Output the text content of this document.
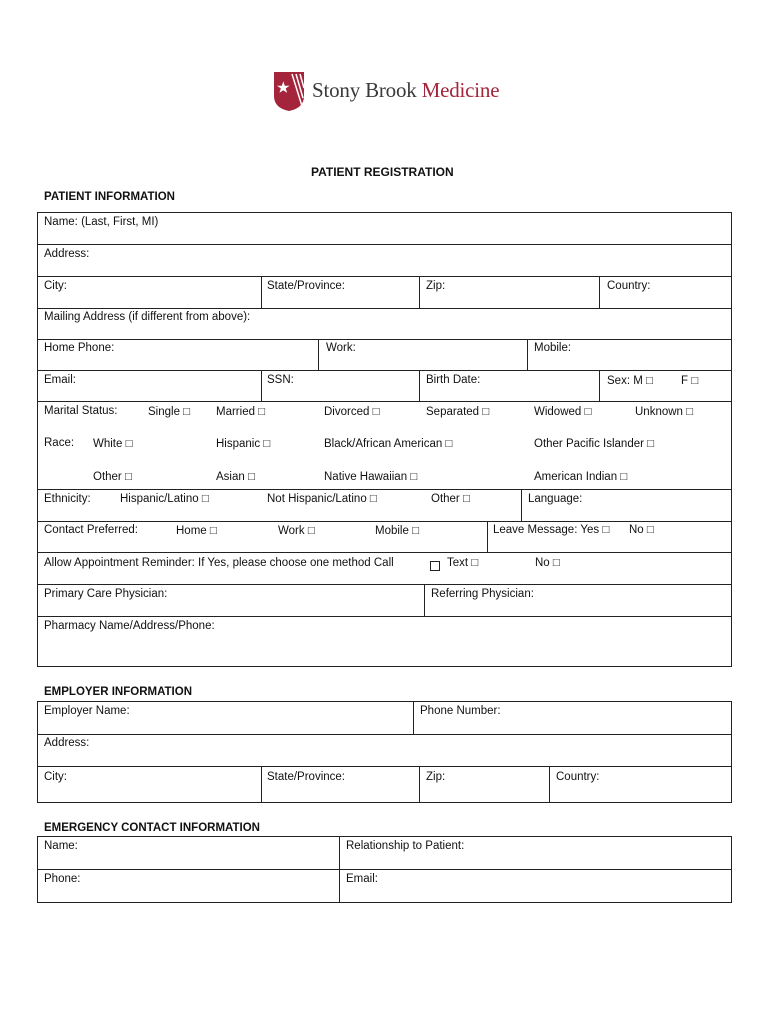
Stony Brook Medicine
PATIENT REGISTRATION
PATIENT INFORMATION
Name: (Last, First, MI)
Address:
City:	State/Province:	Zip:	Country:
Mailing Address (if different from above):
Home Phone:	Work:	Mobile:
Email:	SSN:	Birth Date:	Sex: M □ F □
Marital Status:	Single □ Married □	Divorced □	Separated □	Widowed □	Unknown □
Race: White □	Hispanic □	Black/African American □	Other Pacific Islander □
Other □	Asian □	Native Hawaiian □	American Indian □
Ethnicity:	Hispanic/Latino □	Not Hispanic/Latino □	Other □	Language:
Contact Preferred:	Home □	Work □	Mobile □	Leave Message: Yes □ No □
Allow Appointment Reminder: If Yes, please choose one method Call	Text □	No □
Primary Care Physician:	Referring Physician:
Pharmacy Name/Address/Phone:
EMPLOYER INFORMATION
Employer Name:	Phone Number:
Address:
City:	State/Province:	Zip:	Country:
EMERGENCY CONTACT INFORMATION
Name:	Relationship to Patient:
Phone:	Email:
